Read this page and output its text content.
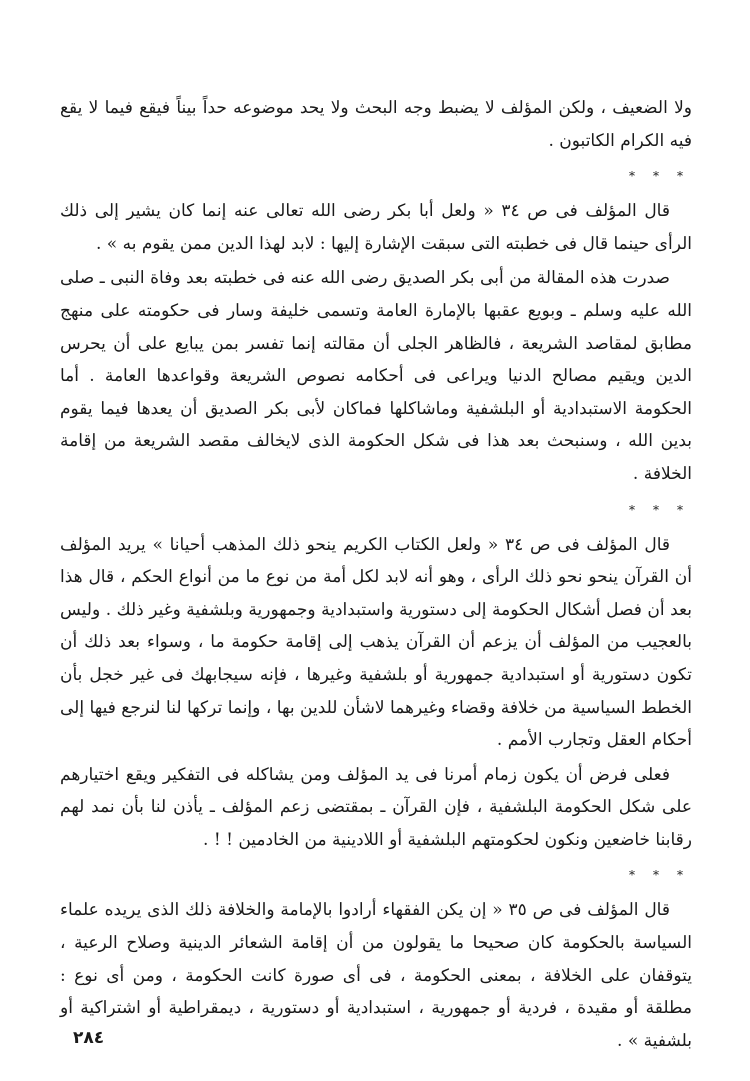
ولا الضعيف ، ولكن المؤلف لا يضبط وجه البحث ولا يحد موضوعه حداً بيناً فيقع فيما لا يقع فيه الكرام الكاتبون .

* * *

قال المؤلف فى ص ٣٤ « ولعل أبا بكر رضى الله تعالى عنه إنما كان يشير إلى ذلك الرأى حينما قال فى خطبته التى سبقت الإشارة إليها : لابد لهذا الدين ممن يقوم به » .

صدرت هذه المقالة من أبى بكر الصديق رضى الله عنه فى خطبته بعد وفاة النبى ـ صلى الله عليه وسلم ـ وبويع عقبها بالإمارة العامة وتسمى خليفة وسار فى حكومته على منهج مطابق لمقاصد الشريعة ، فالظاهر الجلى أن مقالته إنما تفسر بمن يبايع على أن يحرس الدين ويقيم مصالح الدنيا ويراعى فى أحكامه نصوص الشريعة وقواعدها العامة . أما الحكومة الاستبدادية أو البلشفية وماشاكلها فماكان لأبى بكر الصديق أن يعدها فيما يقوم بدين الله ، وسنبحث بعد هذا فى شكل الحكومة الذى لايخالف مقصد الشريعة من إقامة الخلافة .

* * *

قال المؤلف فى ص ٣٤ « ولعل الكتاب الكريم ينحو ذلك المذهب أحيانا » يريد المؤلف أن القرآن ينحو نحو ذلك الرأى ، وهو أنه لابد لكل أمة من نوع ما من أنواع الحكم ، قال هذا بعد أن فصل أشكال الحكومة إلى دستورية واستبدادية وجمهورية وبلشفية وغير ذلك . وليس بالعجيب من المؤلف أن يزعم أن القرآن يذهب إلى إقامة حكومة ما ، وسواء بعد ذلك أن تكون دستورية أو استبدادية جمهورية أو بلشفية وغيرها ، فإنه سيجابهك فى غير خجل بأن الخطط السياسية من خلافة وقضاء وغيرهما لاشأن للدين بها ، وإنما تركها لنا لنرجع فيها إلى أحكام العقل وتجارب الأمم .

فعلى فرض أن يكون زمام أمرنا فى يد المؤلف ومن يشاكله فى التفكير ويقع اختيارهم على شكل الحكومة البلشفية ، فإن القرآن ـ بمقتضى زعم المؤلف ـ يأذن لنا بأن نمد لهم رقابنا خاضعين ونكون لحكومتهم البلشفية أو اللادينية من الخادمين ! ! .

* * *

قال المؤلف فى ص ٣٥ « إن يكن الفقهاء أرادوا بالإمامة والخلافة ذلك الذى يريده علماء السياسة بالحكومة كان صحيحا ما يقولون من أن إقامة الشعائر الدينية وصلاح الرعية ، يتوقفان على الخلافة ، بمعنى الحكومة ، فى أى صورة كانت الحكومة ، ومن أى نوع : مطلقة أو مقيدة ، فردية أو جمهورية ، استبدادية أو دستورية ، ديمقراطية أو اشتراكية أو بلشفية » .

٢٨٤
